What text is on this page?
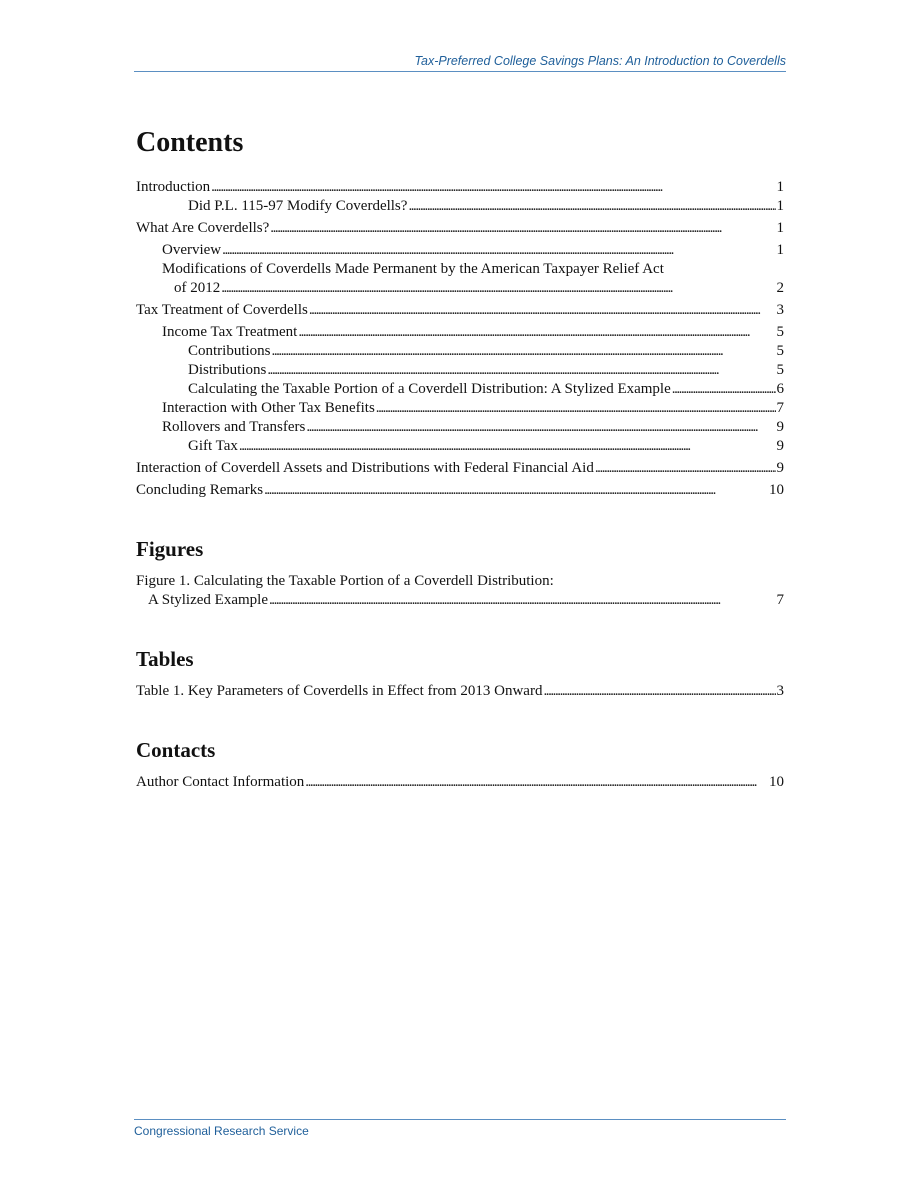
Tax-Preferred College Savings Plans: An Introduction to Coverdells
Contents
Introduction . . .	1
Did P.L. 115-97 Modify Coverdells? . . .	1
What Are Coverdells? . . .	1
Overview . . .	1
Modifications of Coverdells Made Permanent by the American Taxpayer Relief Act
of 2012 . . .	2
Tax Treatment of Coverdells . . .	3
Income Tax Treatment . . .	5
Contributions . . .	5
Distributions . . .	5
Calculating the Taxable Portion of a Coverdell Distribution: A Stylized Example . . .	6
Interaction with Other Tax Benefits . . .	7
Rollovers and Transfers . . .	9
Gift Tax . . .	9
Interaction of Coverdell Assets and Distributions with Federal Financial Aid . . .	9
Concluding Remarks . . .	10
Figures
Figure 1. Calculating the Taxable Portion of a Coverdell Distribution:
A Stylized Example . . .	7
Tables
Table 1. Key Parameters of Coverdells in Effect from 2013 Onward . . .	3
Contacts
Author Contact Information . . .	10
Congressional Research Service
